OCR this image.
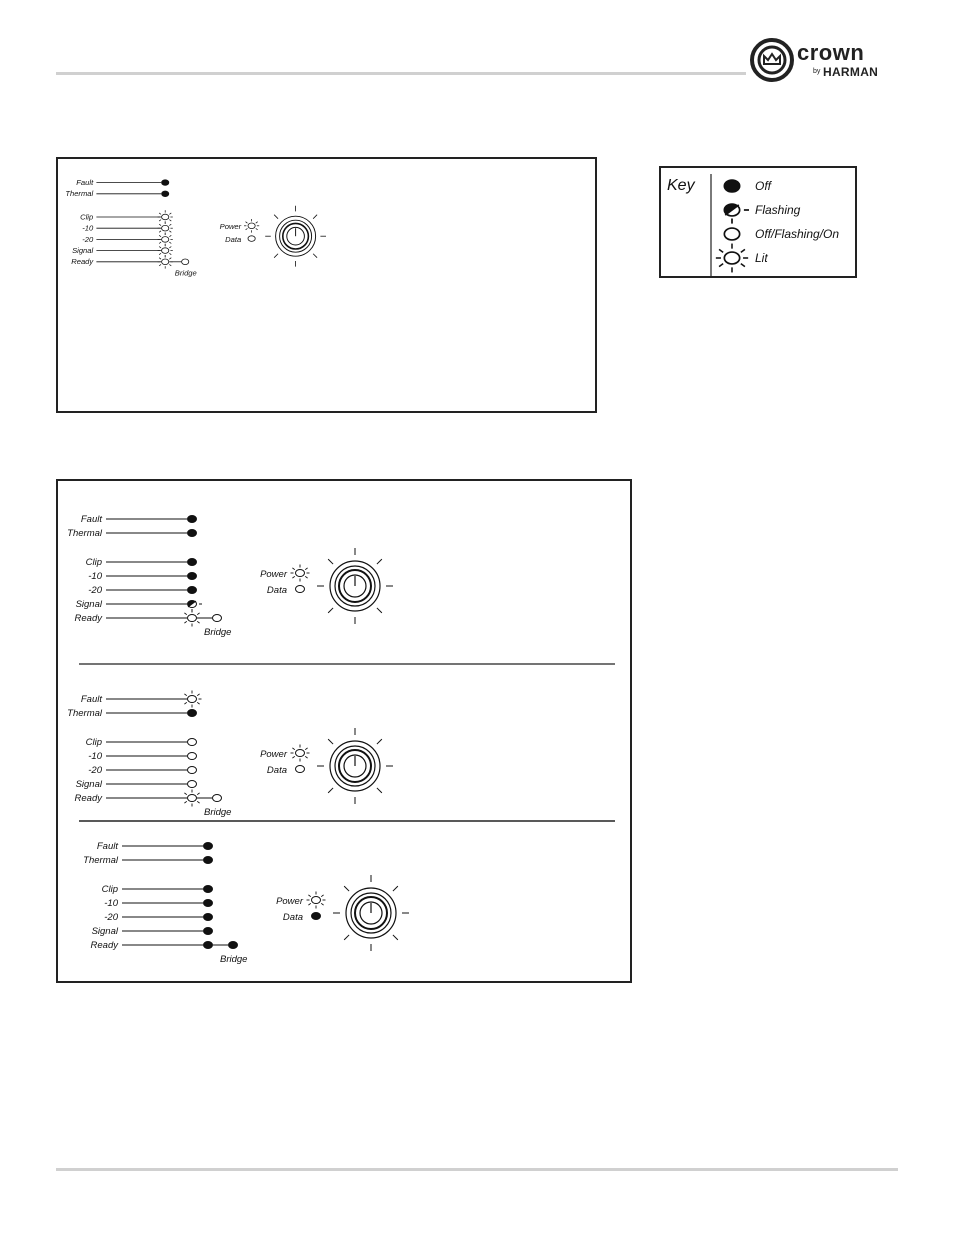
crown
by HARMAN
Fault
Thermal
Clip
-10
-20
Signal
Ready
Bridge
Power
Data
Key	Off
Flashing
Off/Flashing/On
Lit
Fault
Thermal
Clip
-10
-20
Signal
Ready
Bridge
Power
Data
Fault
Thermal
Clip
-10
-20
Signal
Ready
Bridge
Power
Data
Fault
Thermal
Clip
-10
-20
Signal
Ready
Bridge
Power
Data
